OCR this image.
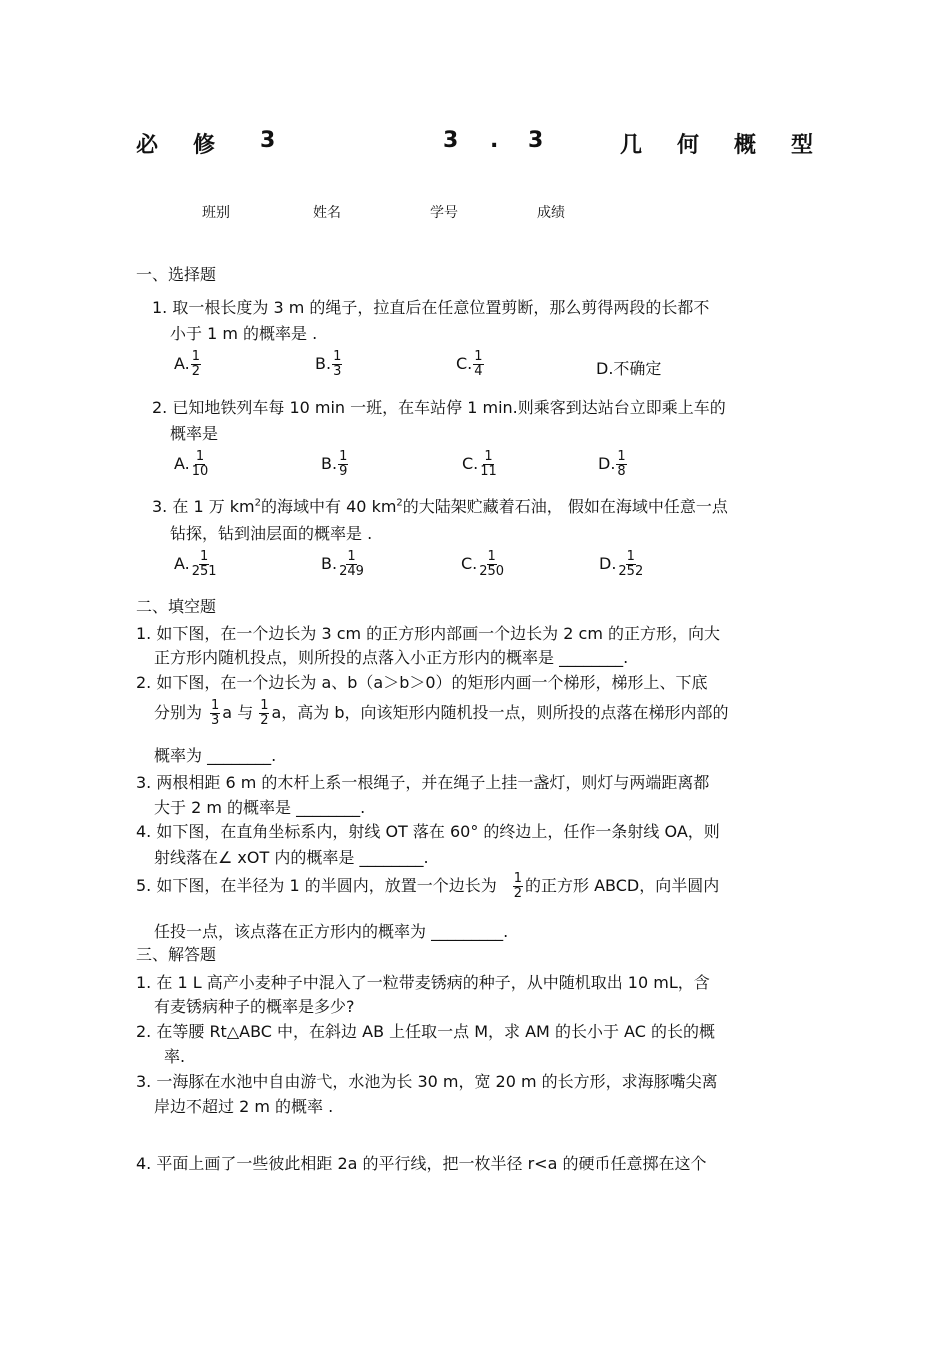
必 修 3	3 . 3	几 何 概 型
班别	姓名	学号	成绩
一、选择题
1. 取一根长度为 3 m 的绳子，拉直后在任意位置剪断，那么剪得两段的长都不
小于 1 m 的概率是 .
A. $\frac{1}{2}$	B. $\frac{1}{3}$	C. $\frac{1}{4}$	D.不确定
2. 已知地铁列车每 10 min 一班，在车站停 1 min.则乘客到达站台立即乘上车的
概率是
A. $\frac{1}{10}$	B. $\frac{1}{9}$	C. $\frac{1}{11}$	D. $\frac{1}{8}$
3. 在 1 万 $km^2$的海域中有 40 $km^2$的大陆架贮藏着石油， 假如在海域中任意一点
钻探，钻到油层面的概率是 .
A. $\frac{1}{251}$	B. $\frac{1}{249}$	C. $\frac{1}{250}$	D. $\frac{1}{252}$
二、填空题
1. 如下图，在一个边长为 3 cm 的正方形内部画一个边长为 2 cm 的正方形，向大
正方形内随机投点，则所投的点落入小正方形内的概率是 ________.
2. 如下图，在一个边长为 a、b（a＞b＞0）的矩形内画一个梯形，梯形上、下底
分别为 $\frac{1}{3}$ a 与 $\frac{1}{2}$ a，高为 b，向该矩形内随机投一点，则所投的点落在梯形内部的
概率为 ________.
3. 两根相距 6 m 的木杆上系一根绳子，并在绳子上挂一盏灯，则灯与两端距离都
大于 2 m 的概率是 ________.
4. 如下图，在直角坐标系内，射线 OT 落在 60° 的终边上，任作一条射线 OA，则
射线落在∠ xOT 内的概率是 ________.
5. 如下图，在半径为 1 的半圆内，放置一个边长为 $\frac{1}{2}$ 的正方形 ABCD，向半圆内
任投一点，该点落在正方形内的概率为 _________.
三、解答题
1. 在 1 L 高产小麦种子中混入了一粒带麦锈病的种子，从中随机取出 10 mL，含
有麦锈病种子的概率是多少?
2. 在等腰 Rt△ABC 中，在斜边 AB 上任取一点 M，求 AM 的长小于 AC 的长的概
率.
3. 一海豚在水池中自由游弋，水池为长 30 m，宽 20 m 的长方形，求海豚嘴尖离
岸边不超过 2 m 的概率 .
4. 平面上画了一些彼此相距 2a 的平行线，把一枚半径 r<a 的硬币任意掷在这个
